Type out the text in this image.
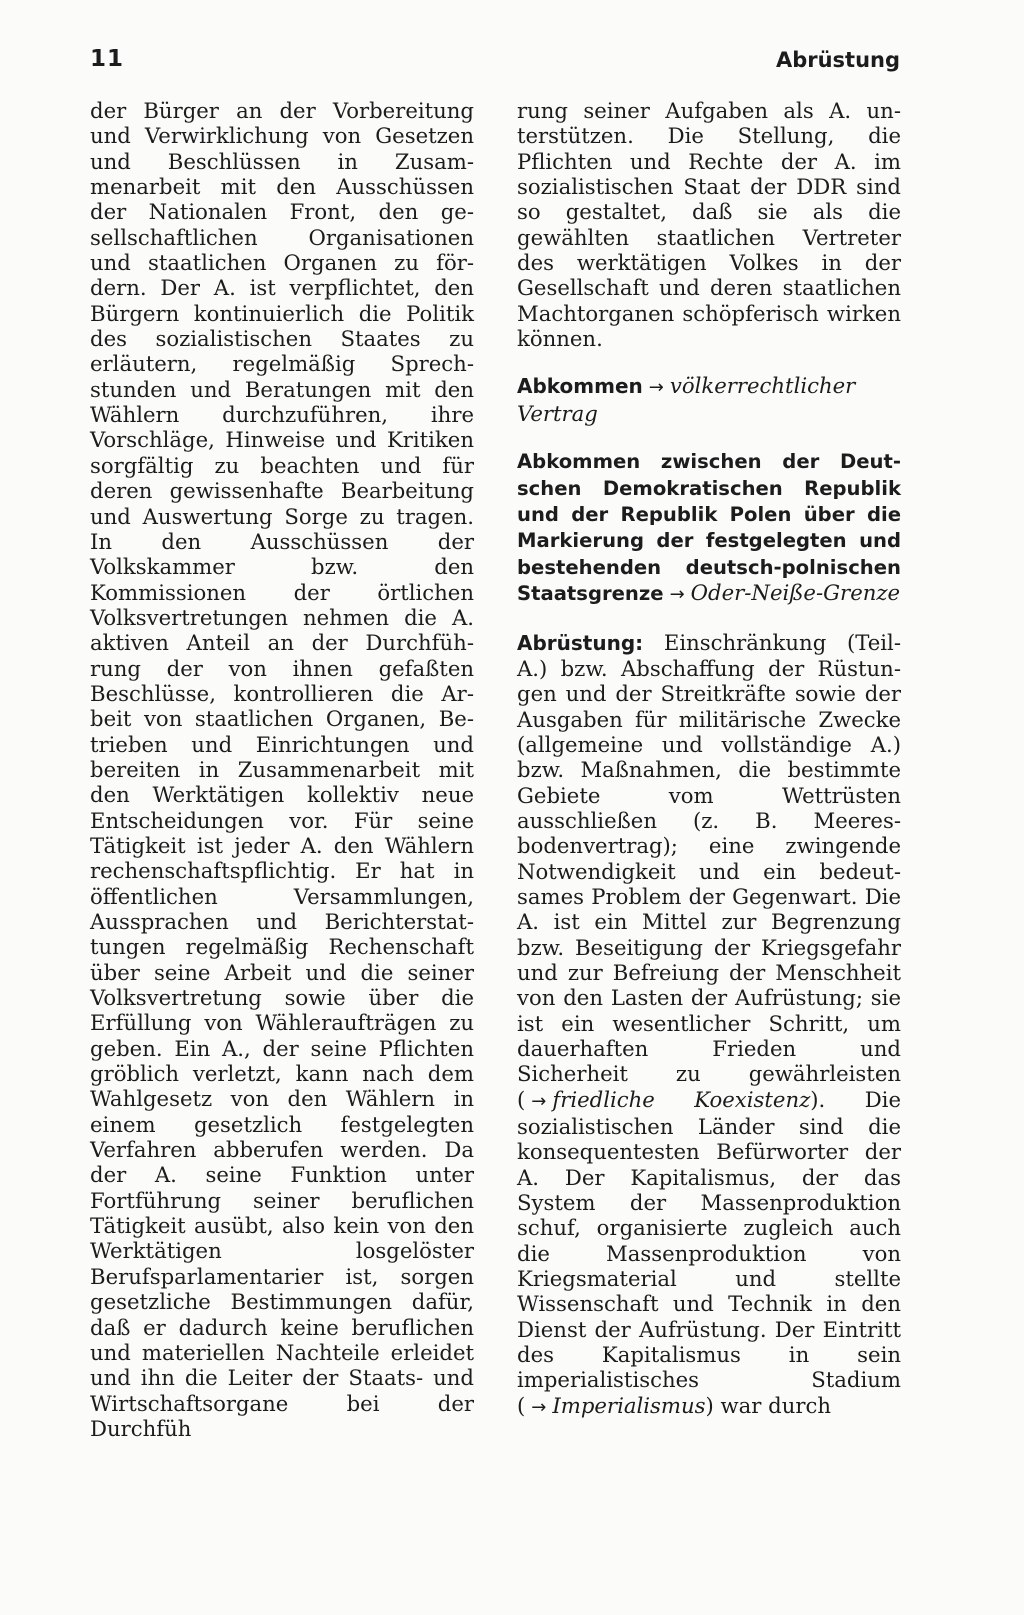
11	Abrüstung

der Bürger an der Vorbereitung und Verwirklichung von Gesetzen und Beschlüssen in Zusammenarbeit mit den Ausschüssen der Nationalen Front, den gesellschaftlichen Organisationen und staatlichen Organen zu fördern. Der A. ist verpflichtet, den Bürgern kontinuierlich die Politik des sozialistischen Staates zu erläutern, regelmäßig Sprechstunden und Beratungen mit den Wählern durchzuführen, ihre Vorschläge, Hinweise und Kritiken sorgfältig zu beachten und für deren gewissenhafte Bearbeitung und Auswertung Sorge zu tragen. In den Ausschüssen der Volkskammer bzw. den Kommissionen der örtlichen Volksvertretungen nehmen die A. aktiven Anteil an der Durchführung der von ihnen gefaßten Beschlüsse, kontrollieren die Arbeit von staatlichen Organen, Betrieben und Einrichtungen und bereiten in Zusammenarbeit mit den Werktätigen kollektiv neue Entscheidungen vor. Für seine Tätigkeit ist jeder A. den Wählern rechenschaftspflichtig. Er hat in öffentlichen Versammlungen, Aussprachen und Berichterstattungen regelmäßig Rechenschaft über seine Arbeit und die seiner Volksvertretung sowie über die Erfüllung von Wähleraufträgen zu geben. Ein A., der seine Pflichten gröblich verletzt, kann nach dem Wahlgesetz von den Wählern in einem gesetzlich festgelegten Verfahren abberufen werden. Da der A. seine Funktion unter Fortführung seiner beruflichen Tätigkeit ausübt, also kein von den Werktätigen losgelöster Berufsparlamentarier ist, sorgen gesetzliche Bestimmungen dafür, daß er dadurch keine beruflichen und materiellen Nachteile erleidet und ihn die Leiter der Staats- und Wirtschaftsorgane bei der Durchfüh

rung seiner Aufgaben als A. unterstützen. Die Stellung, die Pflichten und Rechte der A. im sozialistischen Staat der DDR sind so gestaltet, daß sie als die gewählten staatlichen Vertreter des werktätigen Volkes in der Gesellschaft und deren staatlichen Machtorganen schöpferisch wirken können.

Abkommen → völkerrechtlicher Vertrag

Abkommen zwischen der Deutschen Demokratischen Republik und der Republik Polen über die Markierung der festgelegten und bestehenden deutsch-polnischen Staatsgrenze → Oder-Neiße-Grenze

Abrüstung: Einschränkung (Teil-A.) bzw. Abschaffung der Rüstungen und der Streitkräfte sowie der Ausgaben für militärische Zwecke (allgemeine und vollständige A.) bzw. Maßnahmen, die bestimmte Gebiete vom Wettrüsten ausschließen (z. B. Meeresbodenvertrag); eine zwingende Notwendigkeit und ein bedeutsames Problem der Gegenwart. Die A. ist ein Mittel zur Begrenzung bzw. Beseitigung der Kriegsgefahr und zur Befreiung der Menschheit von den Lasten der Aufrüstung; sie ist ein wesentlicher Schritt, um dauerhaften Frieden und Sicherheit zu gewährleisten ( → friedliche Koexistenz). Die sozialistischen Länder sind die konsequentesten Befürworter der A. Der Kapitalismus, der das System der Massenproduktion schuf, organisierte zugleich auch die Massenproduktion von Kriegsmaterial und stellte Wissenschaft und Technik in den Dienst der Aufrüstung. Der Eintritt des Kapitalismus in sein imperialistisches Stadium ( → Imperialismus) war durch
